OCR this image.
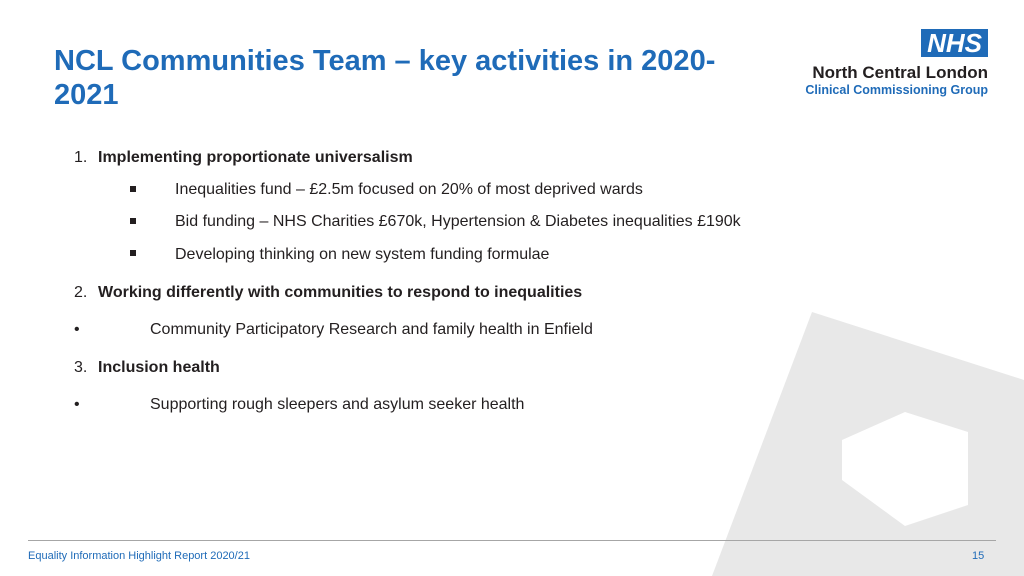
NCL Communities Team – key activities in 2020-2021
NHS
North Central London
Clinical Commissioning Group
1. Implementing proportionate universalism
Inequalities fund – £2.5m focused on 20% of most deprived wards
Bid funding – NHS Charities £670k, Hypertension & Diabetes inequalities £190k
Developing thinking on new system funding formulae
2. Working differently with communities to respond to inequalities
•	Community Participatory Research and family health in Enfield
3. Inclusion health
•	Supporting rough sleepers and asylum seeker health
Equality Information Highlight Report 2020/21	15
